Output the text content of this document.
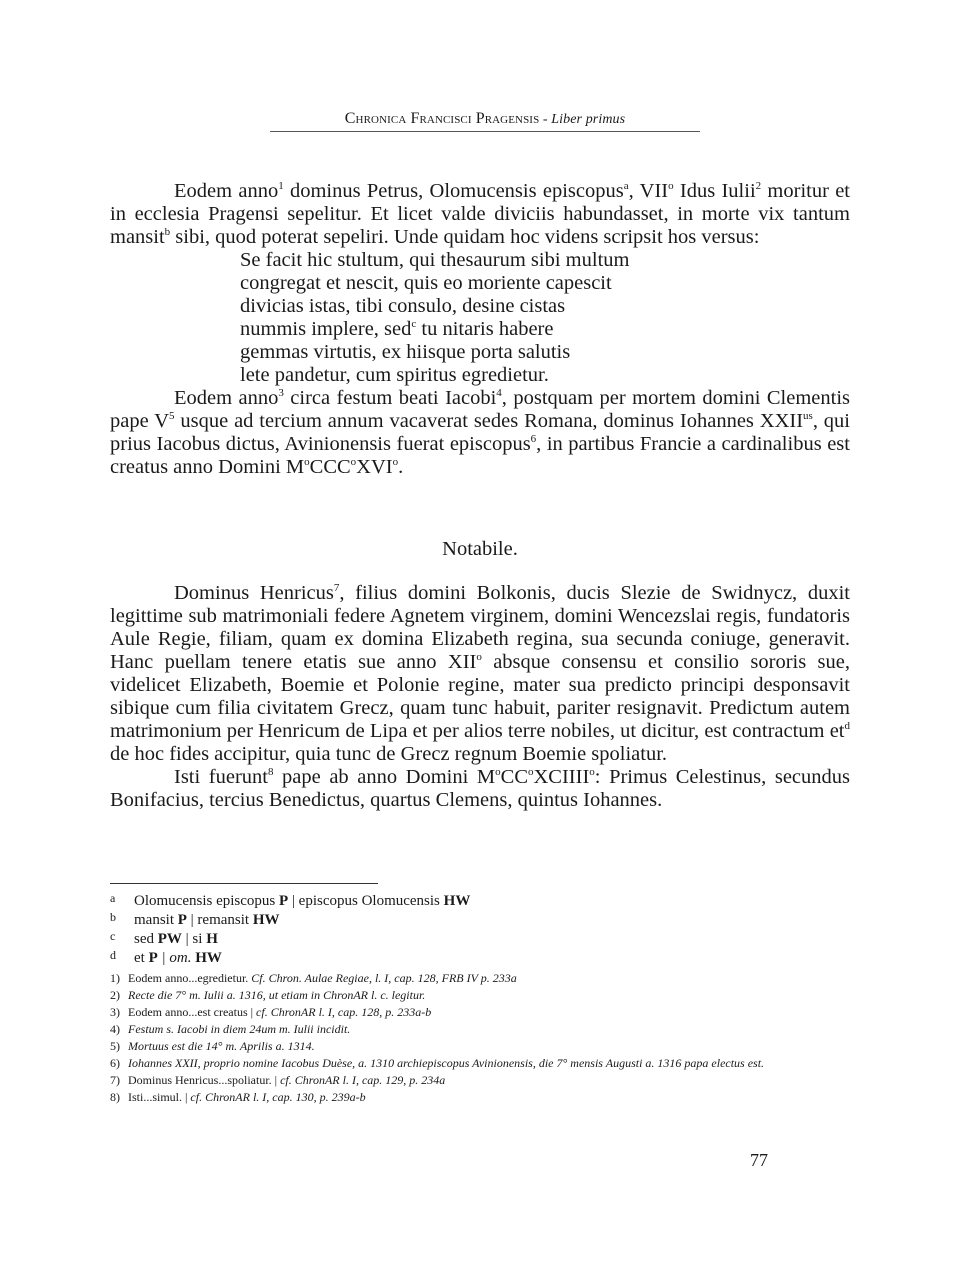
Chronica Francisci Pragensis - Liber primus

Eodem anno$^1$ dominus Petrus, Olomucensis episcopus$^a$, VII$^o$ Idus Iulii$^2$ moritur et in ecclesia Pragensi sepelitur. Et licet valde diviciis habundasset, in morte vix tantum mansit$^b$ sibi, quod poterat sepeliri. Unde quidam hoc videns scripsit hos versus:

Se facit hic stultum, qui thesaurum sibi multum
congregat et nescit, quis eo moriente capescit
divicias istas, tibi consulo, desine cistas
nummis implere, sed$^c$ tu nitaris habere
gemmas virtutis, ex hiisque porta salutis
lete pandetur, cum spiritus egredietur.

Eodem anno$^3$ circa festum beati Iacobi$^4$, postquam per mortem domini Clementis pape $V^5$ usque ad tercium annum vacaverat sedes Romana, dominus Iohannes $XXII^{us}$, qui prius Iacobus dictus, Avinionensis fuerat episcopus$^6$, in partibus Francie a cardinalibus est creatus anno Domini $M^oCCC^oXVI^o$.

Notabile.

Dominus Henricus$^7$, filius domini Bolkonis, ducis Slezie de Swidnycz, duxit legittime sub matrimoniali federe Agnetem virginem, domini Wencezslai regis, fundatoris Aule Regie, filiam, quam ex domina Elizabeth regina, sua secunda coniuge, generavit. Hanc puellam tenere etatis sue anno XII$^o$ absque consensu et consilio sororis sue, videlicet Elizabeth, Boemie et Polonie regine, mater sua predicto principi desponsavit sibique cum filia civitatem Grecz, quam tunc habuit, pariter resignavit. Predictum autem matrimonium per Henricum de Lipa et per alios terre nobiles, ut dicitur, est contractum $et^d$ de hoc fides accipitur, quia tunc de Grecz regnum Boemie spoliatur.

Isti fuerunt$^8$ pape ab anno Domini $M^oCC^oXCIIII^o$: Primus Celestinus, secundus Bonifacius, tercius Benedictus, quartus Clemens, quintus Iohannes.

a Olomucensis episcopus P | episcopus Olomucensis HW
b mansit P | remansit HW
c sed PW | si H
d et P | om. HW
1) Eodem anno...egredietur. Cf. Chron. Aulae Regiae, l. I, cap. 128, FRB IV p. 233a
2) Recte die 7° m. Iulii a. 1316, ut etiam in ChronAR l. c. legitur.
3) Eodem anno...est creatus | cf. ChronAR l. I, cap. 128, p. 233a-b
4) Festum s. Iacobi in diem 24um m. Iulii incidit.
5) Mortuus est die 14° m. Aprilis a. 1314.
6) Iohannes XXII, proprio nomine Iacobus Duèse, a. 1310 archiepiscopus Avinionensis, die 7° mensis Augusti a. 1316 papa electus est.
7) Dominus Henricus...spoliatur. | cf. ChronAR l. I, cap. 129, p. 234a
8) Isti...simul. | cf. ChronAR l. I, cap. 130, p. 239a-b
77
